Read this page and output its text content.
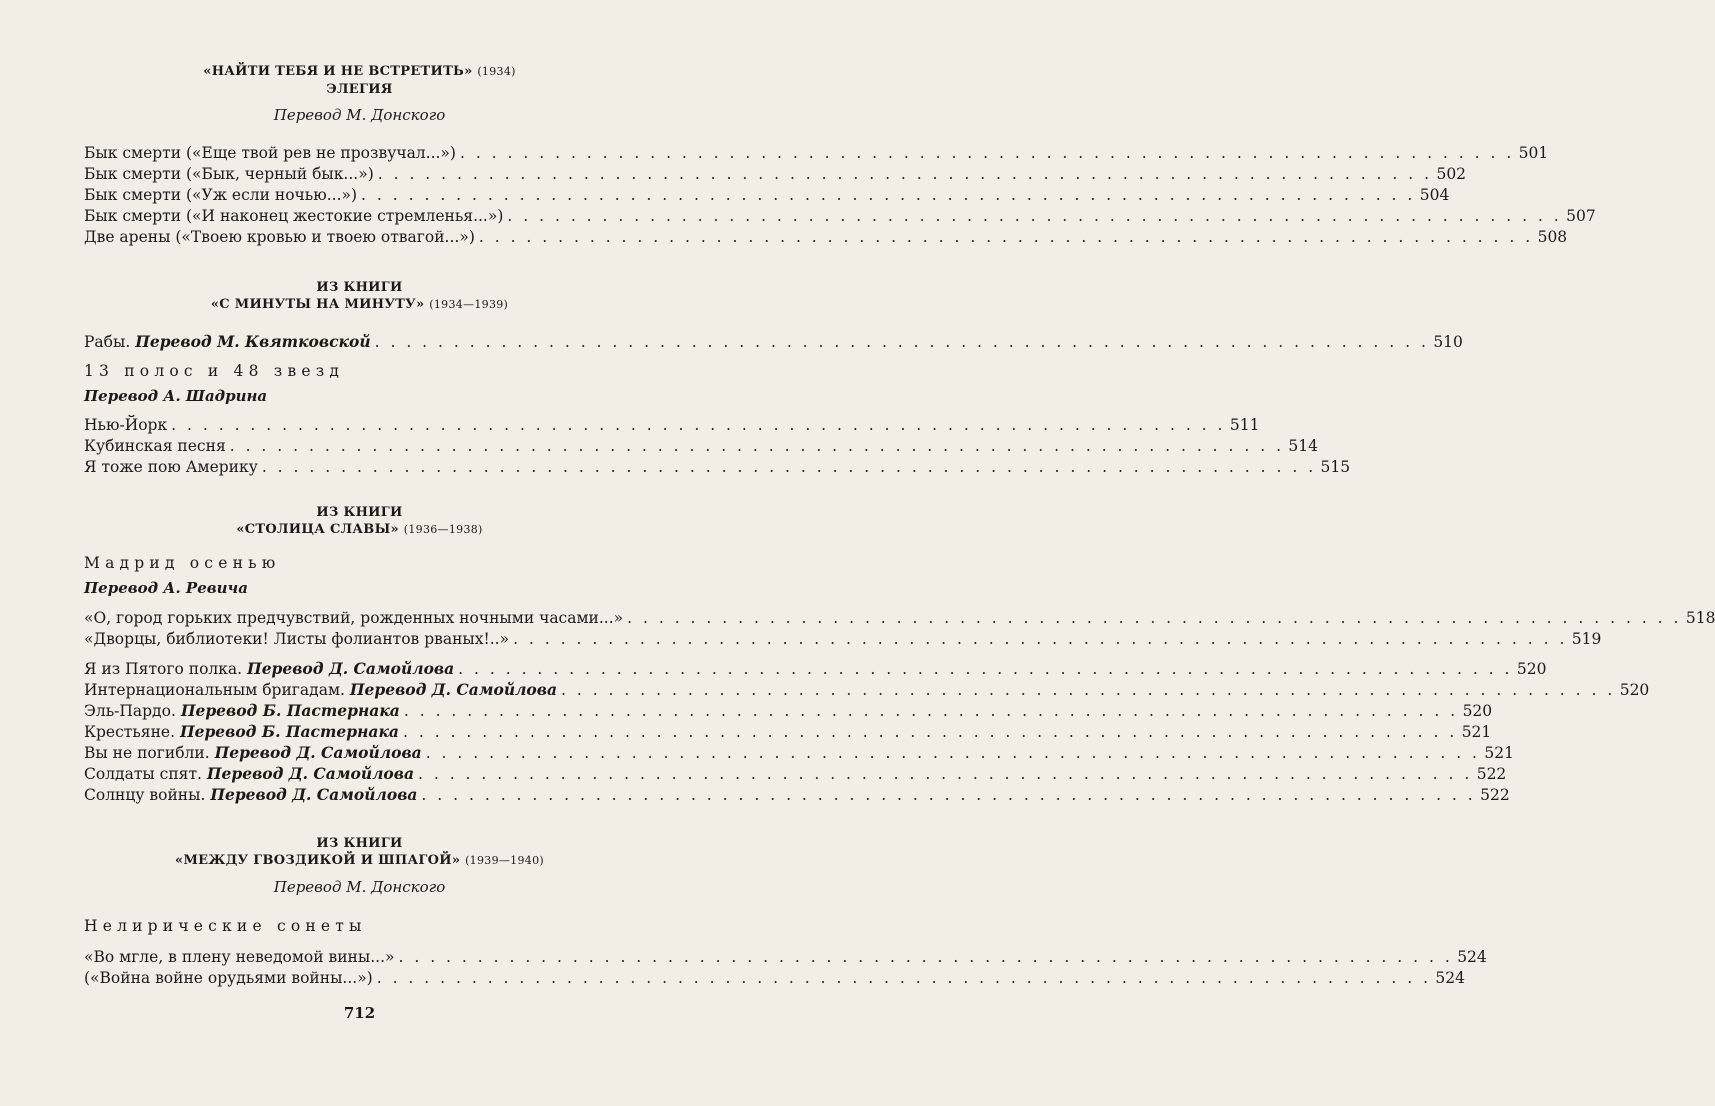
«НАЙТИ ТЕБЯ И НЕ ВСТРЕТИТЬ» (1934)
ЭЛЕГИЯ
Перевод М. Донского
Бык смерти («Еще твой рев не прозвучал...») . . .	501
Бык смерти («Бык, черный бык...») . . .	502
Бык смерти («Уж если ночью...») . . .	504
Бык смерти («И наконец жестокие стремленья...») . . .	507
Две арены («Твоею кровью и твоею отвагой...») . . .	508
ИЗ КНИГИ
«С МИНУТЫ НА МИНУТУ» (1934—1939)
Рабы. Перевод М. Квятковской . . .	510
13 полос и 48 звезд
Перевод А. Шадрина
Нью-Йорк . . .	511
Кубинская песня . . .	514
Я тоже пою Америку . . .	515
ИЗ КНИГИ
«СТОЛИЦА СЛАВЫ» (1936—1938)
Мадрид осенью
Перевод А. Ревича
«О, город горьких предчувствий, рожденных ночными часами...» . . .	518
«Дворцы, библиотеки! Листы фолиантов рваных!..» . . .	519
Я из Пятого полка. Перевод Д. Самойлова . . .	520
Интернациональным бригадам. Перевод Д. Самойлова . . .	520
Эль-Пардо. Перевод Б. Пастернака . . .	520
Крестьяне. Перевод Б. Пастернака . . .	521
Вы не погибли. Перевод Д. Самойлова . . .	521
Солдаты спят. Перевод Д. Самойлова . . .	522
Солнцу войны. Перевод Д. Самойлова . . .	522
ИЗ КНИГИ
«МЕЖДУ ГВОЗДИКОЙ И ШПАГОЙ» (1939—1940)
Перевод М. Донского
Нелирические сонеты
«Во мгле, в плену неведомой вины...» . . .	524
(«Война войне орудьями войны...») . . .	524
712
